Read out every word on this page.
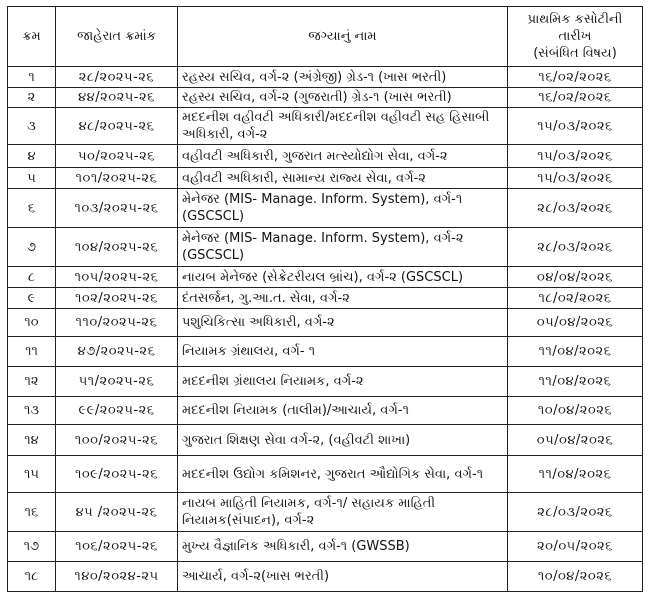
ક્રમ	જાહેરાત ક્રમાંક	જગ્યાનું નામ	પ્રાથમિક કસોટીની
તારીખ
(સંબંધિત વિષય)

૧	૨૮/૨૦૨૫-૨૬	રહસ્ય સચિવ, વર્ગ-૨ (અંગ્રેજી) ગ્રેડ-૧ (ખાસ ભરતી)	૧૬/૦૨/૨૦૨૬
૨	૪૪/૨૦૨૫-૨૬	રહસ્ય સચિવ, વર્ગ-૨ (ગુજરાતી) ગ્રેડ-૧ (ખાસ ભરતી)	૧૬/૦૨/૨૦૨૬
૩	૪૮/૨૦૨૫-૨૬	મદદનીશ વહીવટી અધિકારી/મદદનીશ વહીવટી સહ હિસાબી અધિકારી, વર્ગ-૨	૧૫/૦૩/૨૦૨૬
૪	૫૦/૨૦૨૫-૨૬	વહીવટી અધિકારી, ગુજરાત મત્સ્યોદ્યોગ સેવા, વર્ગ-૨	૧૫/૦૩/૨૦૨૬
૫	૧૦૧/૨૦૨૫-૨૬	વહીવટી અધિકારી, સામાન્ય રાજ્ય સેવા, વર્ગ-૨	૧૫/૦૩/૨૦૨૬
૬	૧૦૩/૨૦૨૫-૨૬	મેનેજર (MIS- Manage. Inform. System), વર્ગ-૧ (GSCSCL)	૨૮/૦૩/૨૦૨૬
૭	૧૦૪/૨૦૨૫-૨૬	મેનેજર (MIS- Manage. Inform. System), વર્ગ-૨ (GSCSCL)	૨૮/૦૩/૨૦૨૬
૮	૧૦૫/૨૦૨૫-૨૬	નાયબ મેનેજર (સેક્રેટરીયલ બ્રાંચ), વર્ગ-૨ (GSCSCL)	૦૪/૦૪/૨૦૨૬
૯	૧૦૨/૨૦૨૫-૨૬	દંતસર્જન, ગુ.આ.ત. સેવા, વર્ગ-૨	૧૮/૦૨/૨૦૨૬
૧૦	૧૧૦/૨૦૨૫-૨૬	પશુચિકિત્સા અધિકારી, વર્ગ-૨	૦૫/૦૪/૨૦૨૬
૧૧	૪૭/૨૦૨૫-૨૬	નિયામક ગ્રંથાલય, વર્ગ- ૧	૧૧/૦૪/૨૦૨૬
૧૨	૫૧/૨૦૨૫-૨૬	મદદનીશ ગ્રંથાલય નિયામક, વર્ગ-૨	૧૧/૦૪/૨૦૨૬
૧૩	૯૯/૨૦૨૫-૨૬	મદદનીશ નિયામક (તાલીમ)/આચાર્ય, વર્ગ-૧	૧૦/૦૪/૨૦૨૬
૧૪	૧૦૦/૨૦૨૫-૨૬	ગુજરાત શિક્ષણ સેવા વર્ગ-૨, (વહીવટી શાખા)	૦૫/૦૪/૨૦૨૬
૧૫	૧૦૯/૨૦૨૫-૨૬	મદદનીશ ઉદ્યોગ કમિશનર, ગુજરાત ઔદ્યોગિક સેવા, વર્ગ-૧	૧૧/૦૪/૨૦૨૬
૧૬	૪૫ /૨૦૨૫-૨૬	નાયબ માહિતી નિયામક, વર્ગ-૧/ સહાયક માહિતી નિયામક(સંપાદન), વર્ગ-૨	૨૮/૦૩/૨૦૨૬
૧૭	૧૦૬/૨૦૨૫-૨૬	મુખ્ય વૈજ્ઞાનિક અધિકારી, વર્ગ-૧ (GWSSB)	૨૦/૦૫/૨૦૨૬
૧૮	૧૪૦/૨૦૨૪-૨૫	આચાર્ય, વર્ગ-૨(ખાસ ભરતી)	૧૦/૦૪/૨૦૨૬
